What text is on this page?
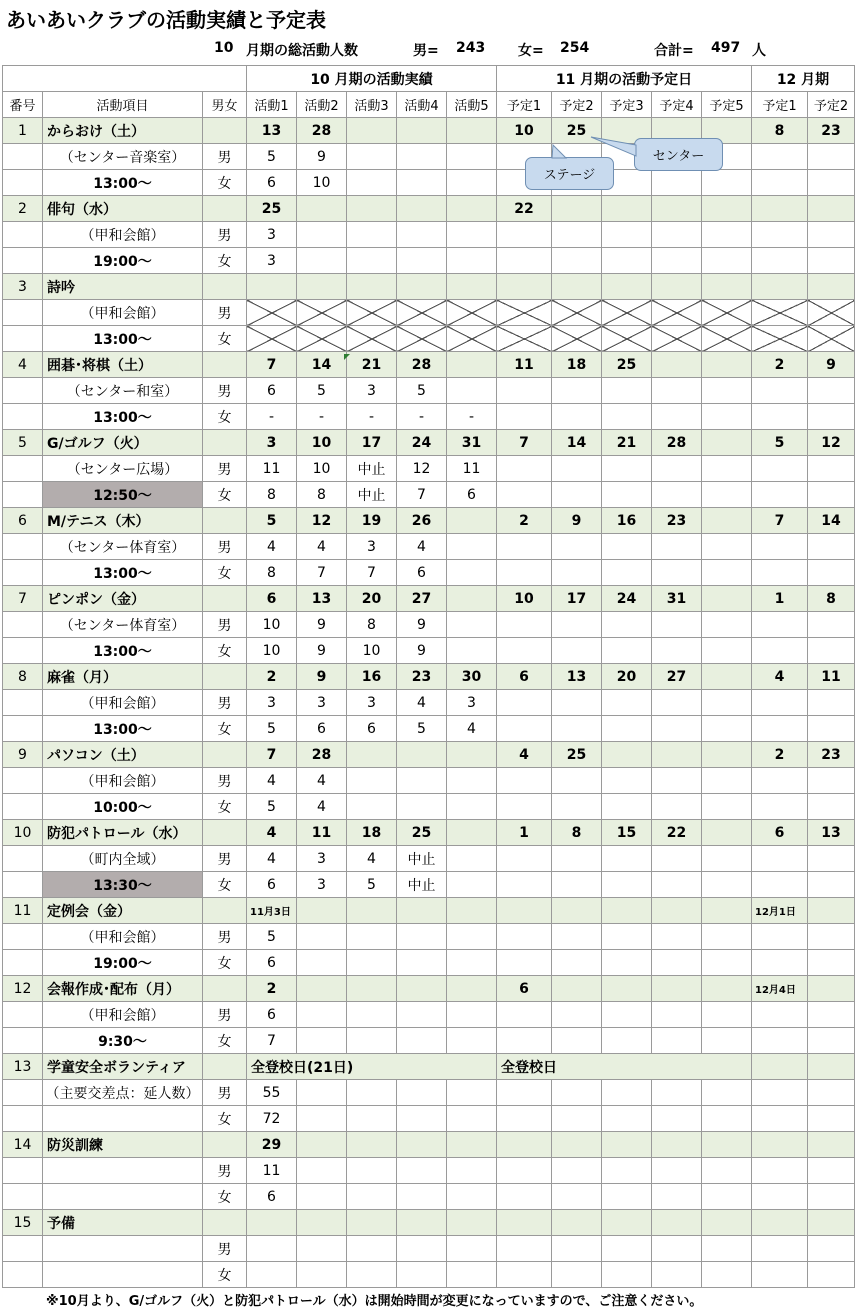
あいあいクラブの活動実績と予定表
10 月期の総活動人数	男= 243 女= 254	合計= 497 人
			10 月期の活動実績					11 月期の活動予定日					12 月期	
番号	活動項目	男女	活動1	活動2	活動3	活動4	活動5	予定1	予定2	予定3	予定4	予定5	予定1	予定2
1	からおけ（土）		13	28				10	25				8	23
	（センター音楽室）	男	5	9										
	13:00～	女	6	10										
2	俳句（水）		25					22						
	（甲和会館）	男	3											
	19:00～	女	3											
3	詩吟													
	（甲和会館）	男												
	13:00～	女												
4	囲碁･将棋（土）		7	14	21	28		11	18	25			2	9
	（センター和室）	男	6	5	3	5								
	13:00～	女	-	-	-	-	-							
5	G/ゴルフ（火）		3	10	17	24	31	7	14	21	28		5	12
	（センター広場）	男	11	10	中止	12	11							
	12:50～	女	8	8	中止	7	6							
6	M/テニス（木）		5	12	19	26		2	9	16	23		7	14
	（センター体育室）	男	4	4	3	4								
	13:00～	女	8	7	7	6								
7	ピンポン（金）		6	13	20	27		10	17	24	31		1	8
	（センター体育室）	男	10	9	8	9								
	13:00～	女	10	9	10	9								
8	麻雀（月）		2	9	16	23	30	6	13	20	27		4	11
	（甲和会館）	男	3	3	3	4	3							
	13:00～	女	5	6	6	5	4							
9	パソコン（土）		7	28				4	25				2	23
	（甲和会館）	男	4	4										
	10:00～	女	5	4										
10	防犯パトロール（水）		4	11	18	25		1	8	15	22		6	13
	（町内全域）	男	4	3	4	中止								
	13:30～	女	6	3	5	中止								
11	定例会（金）		11月3日										12月1日	
	（甲和会館）	男	5											
	19:00～	女	6											
12	会報作成･配布（月）		2					6					12月4日	
	（甲和会館）	男	6											
	9:30～	女	7											
13	学童安全ボランティア		全登校日(21日)					全登校日						
	（主要交差点：延人数）	男	55											
		女	72											
14	防災訓練		29											
		男	11											
		女	6											
15	予備													
		男												
		女												
ステージ
センター
※10月より、G/ゴルフ（火）と防犯パトロール（水）は開始時間が変更になっていますので、ご注意ください。
